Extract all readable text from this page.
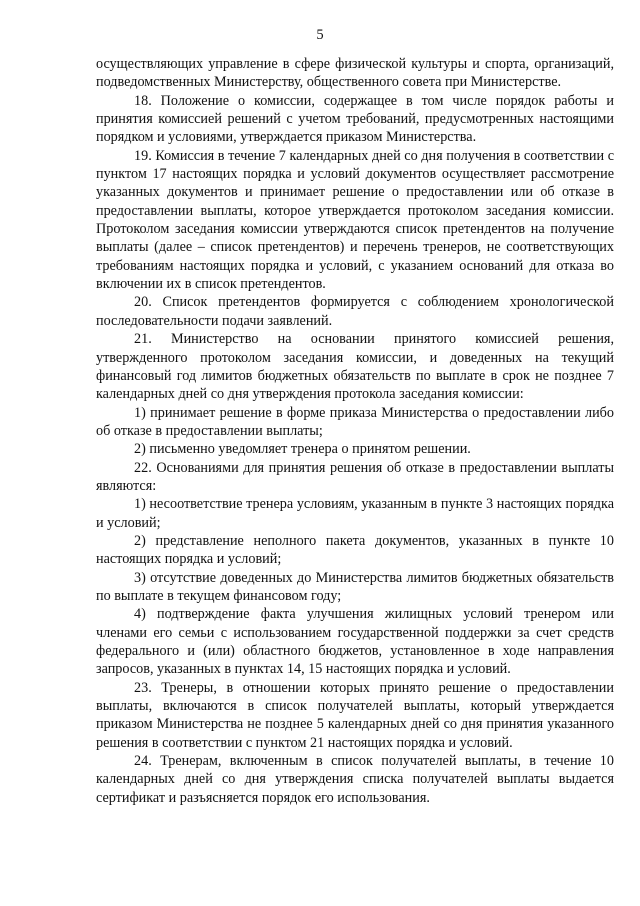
5

осуществляющих управление в сфере физической культуры и спорта, организаций, подведомственных Министерству, общественного совета при Министерстве.

18. Положение о комиссии, содержащее в том числе порядок работы и принятия комиссией решений с учетом требований, предусмотренных настоящими порядком и условиями, утверждается приказом Министерства.

19. Комиссия в течение 7 календарных дней со дня получения в соответствии с пунктом 17 настоящих порядка и условий документов осуществляет рассмотрение указанных документов и принимает решение о предоставлении или об отказе в предоставлении выплаты, которое утверждается протоколом заседания комиссии. Протоколом заседания комиссии утверждаются список претендентов на получение выплаты (далее – список претендентов) и перечень тренеров, не соответствующих требованиям настоящих порядка и условий, с указанием оснований для отказа во включении их в список претендентов.

20. Список претендентов формируется с соблюдением хронологической последовательности подачи заявлений.

21. Министерство на основании принятого комиссией решения, утвержденного протоколом заседания комиссии, и доведенных на текущий финансовый год лимитов бюджетных обязательств по выплате в срок не позднее 7 календарных дней со дня утверждения протокола заседания комиссии:

1) принимает решение в форме приказа Министерства о предоставлении либо об отказе в предоставлении выплаты;

2) письменно уведомляет тренера о принятом решении.

22. Основаниями для принятия решения об отказе в предоставлении выплаты являются:

1) несоответствие тренера условиям, указанным в пункте 3 настоящих порядка и условий;

2) представление неполного пакета документов, указанных в пункте 10 настоящих порядка и условий;

3) отсутствие доведенных до Министерства лимитов бюджетных обязательств по выплате в текущем финансовом году;

4) подтверждение факта улучшения жилищных условий тренером или членами его семьи с использованием государственной поддержки за счет средств федерального и (или) областного бюджетов, установленное в ходе направления запросов, указанных в пунктах 14, 15 настоящих порядка и условий.

23. Тренеры, в отношении которых принято решение о предоставлении выплаты, включаются в список получателей выплаты, который утверждается приказом Министерства не позднее 5 календарных дней со дня принятия указанного решения в соответствии с пунктом 21 настоящих порядка и условий.

24. Тренерам, включенным в список получателей выплаты, в течение 10 календарных дней со дня утверждения списка получателей выплаты выдается сертификат и разъясняется порядок его использования.
